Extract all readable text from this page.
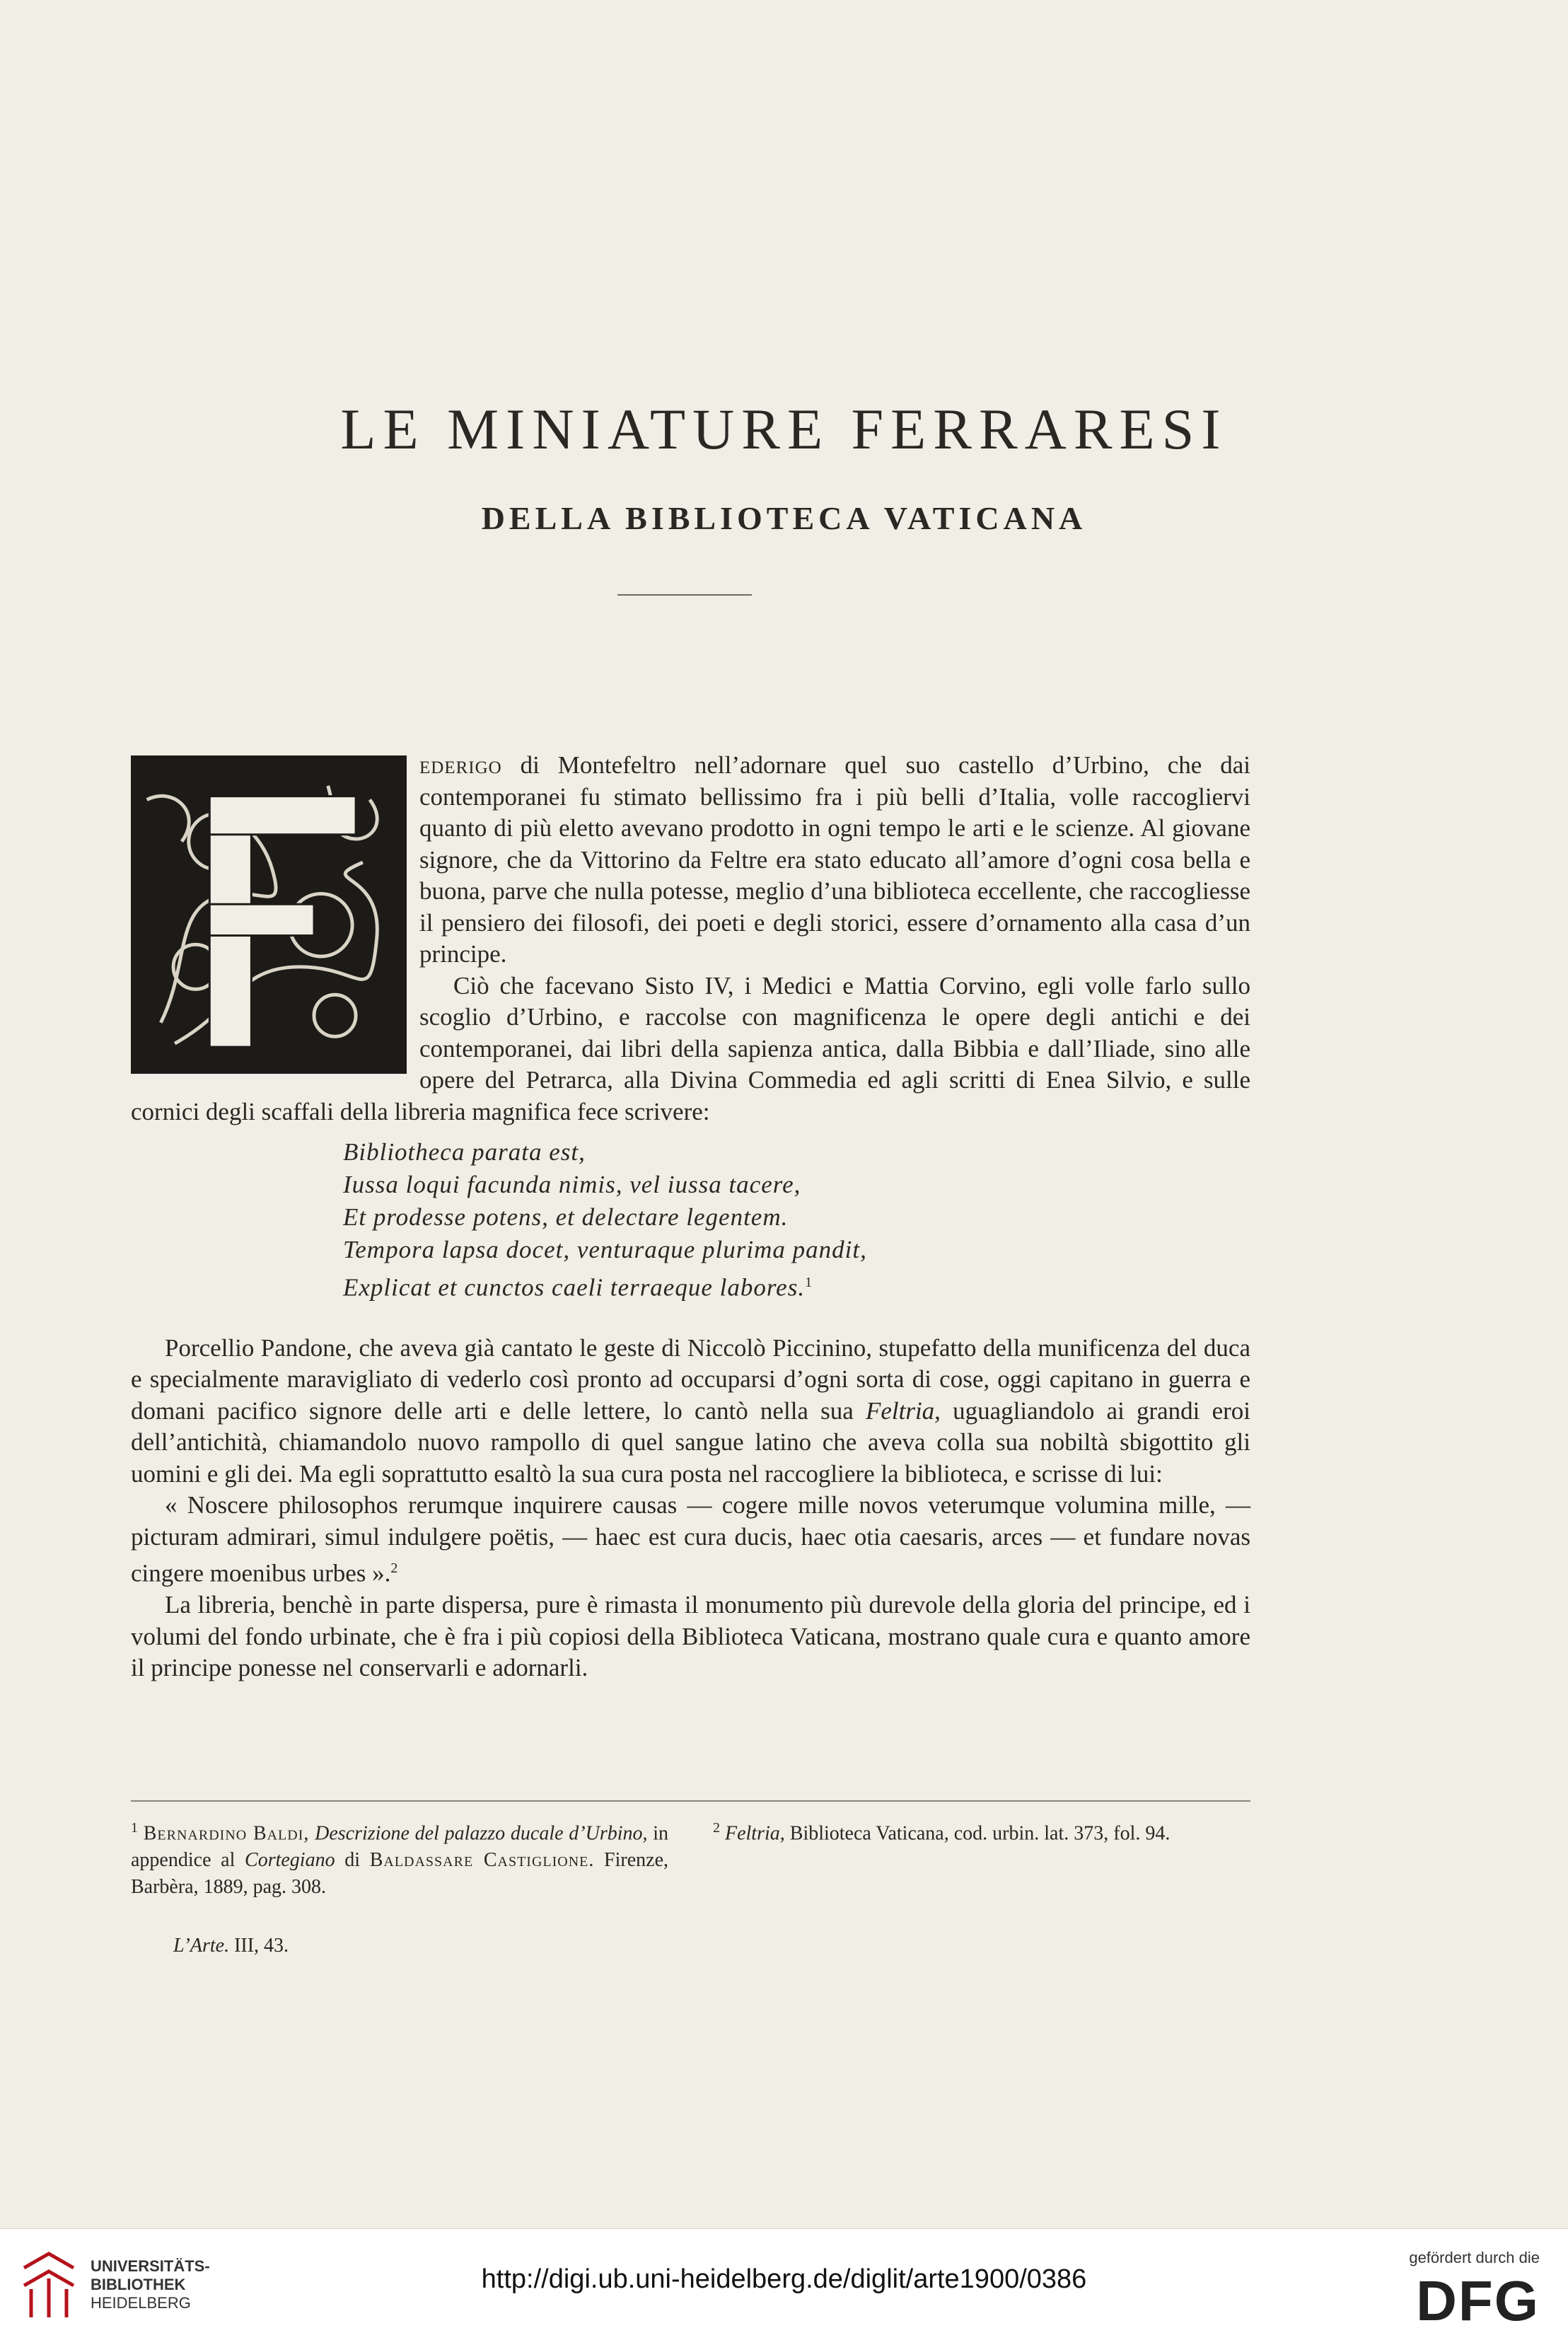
LE MINIATURE FERRARESI
DELLA BIBLIOTECA VATICANA

ederigo di Montefeltro nell’adornare quel suo castello d’Urbino, che dai contemporanei fu stimato bellissimo fra i più belli d’Italia, volle raccogliervi quanto di più eletto avevano prodotto in ogni tempo le arti e le scienze. Al giovane signore, che da Vittorino da Feltre era stato educato all’amore d’ogni cosa bella e buona, parve che nulla potesse, meglio d’una biblioteca eccellente, che raccogliesse il pensiero dei filosofi, dei poeti e degli storici, essere d’ornamento alla casa d’un principe.

Ciò che facevano Sisto IV, i Medici e Mattia Corvino, egli volle farlo sullo scoglio d’Urbino, e raccolse con magnificenza le opere degli antichi e dei contemporanei, dai libri della sapienza antica, dalla Bibbia e dall’Iliade, sino alle opere del Petrarca, alla Divina Commedia ed agli scritti di Enea Silvio, e sulle cornici degli scaffali della libreria magnifica fece scrivere:

Bibliotheca parata est,
Iussa loqui facunda nimis, vel iussa tacere,
Et prodesse potens, et delectare legentem.
Tempora lapsa docet, venturaque plurima pandit,
Explicat et cunctos caeli terraeque labores.$^1$

Porcellio Pandone, che aveva già cantato le geste di Niccolò Piccinino, stupefatto della munificenza del duca e specialmente maravigliato di vederlo così pronto ad occuparsi d’ogni sorta di cose, oggi capitano in guerra e domani pacifico signore delle arti e delle lettere, lo cantò nella sua Feltria, uguagliandolo ai grandi eroi dell’antichità, chiamandolo nuovo rampollo di quel sangue latino che aveva colla sua nobiltà sbigottito gli uomini e gli dei. Ma egli soprattutto esaltò la sua cura posta nel raccogliere la biblioteca, e scrisse di lui:

« Noscere philosophos rerumque inquirere causas — cogere mille novos veterumque volumina mille, — picturam admirari, simul indulgere poëtis, — haec est cura ducis, haec otia caesaris, arces — et fundare novas cingere moenibus urbes ».$^2$

La libreria, benchè in parte dispersa, pure è rimasta il monumento più durevole della gloria del principe, ed i volumi del fondo urbinate, che è fra i più copiosi della Biblioteca Vaticana, mostrano quale cura e quanto amore il principe ponesse nel conservarli e adornarli.

$^1$ Bernardino Baldi, Descrizione del palazzo ducale d’Urbino, in appendice al Cortegiano di Baldassare Castiglione. Firenze, Barbèra, 1889, pag. 308.
$^2$ Feltria, Biblioteca Vaticana, cod. urbin. lat. 373, fol. 94.
L’Arte. III, 43.
UNIVERSITÄTS-
BIBLIOTHEK
HEIDELBERG
http://digi.ub.uni-heidelberg.de/diglit/arte1900/0386
gefördert durch die
DFG
